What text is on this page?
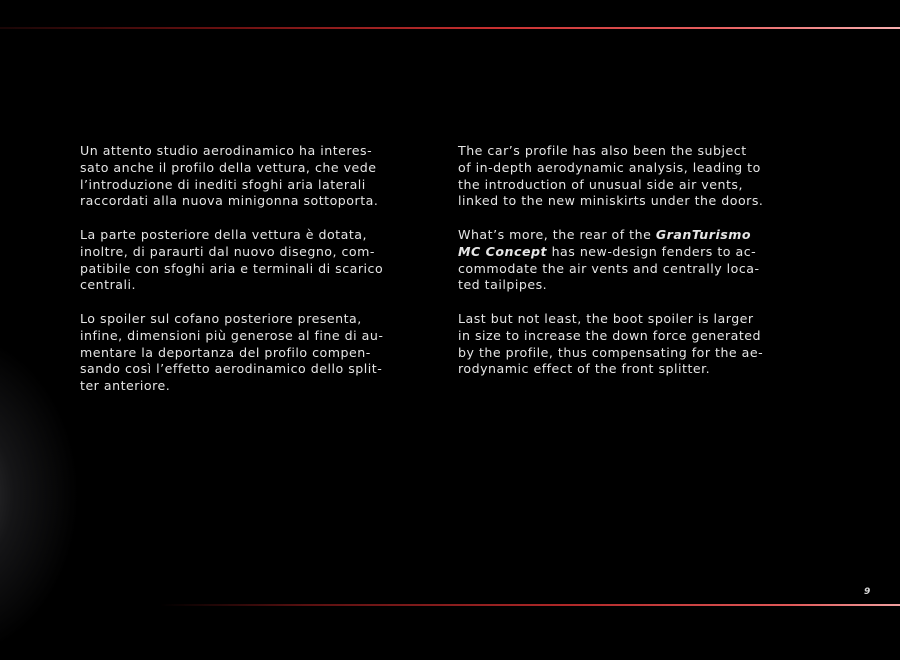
Un attento studio aerodinamico ha interes-
sato anche il profilo della vettura, che vede
l’introduzione di inediti sfoghi aria laterali
raccordati alla nuova minigonna sottoporta.

La parte posteriore della vettura è dotata,
inoltre, di paraurti dal nuovo disegno, com-
patibile con sfoghi aria e terminali di scarico
centrali.

Lo spoiler sul cofano posteriore presenta,
infine, dimensioni più generose al fine di au-
mentare la deportanza del profilo compen-
sando così l’effetto aerodinamico dello split-
ter anteriore.

The car’s profile has also been the subject
of in-depth aerodynamic analysis, leading to
the introduction of unusual side air vents,
linked to the new miniskirts under the doors.

What’s more, the rear of the GranTurismo
MC Concept has new-design fenders to ac-
commodate the air vents and centrally loca-
ted tailpipes.

Last but not least, the boot spoiler is larger
in size to increase the down force generated
by the profile, thus compensating for the ae-
rodynamic effect of the front splitter.

9
